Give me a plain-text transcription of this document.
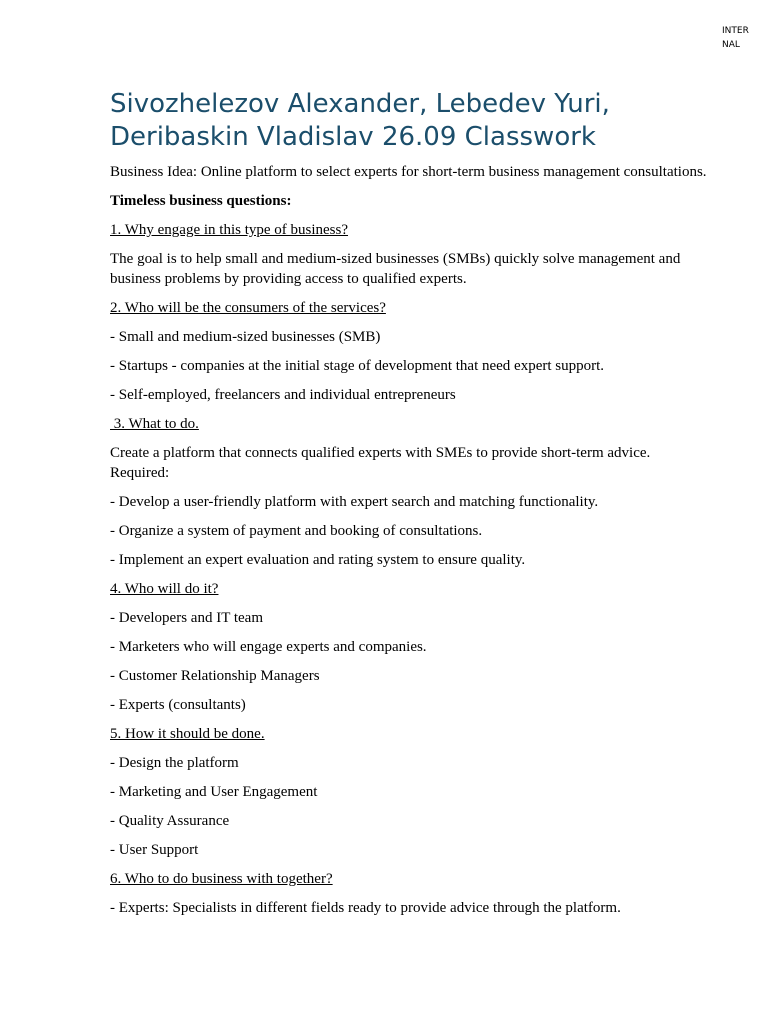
INTERNAL
Sivozhelezov Alexander, Lebedev Yuri, Deribaskin Vladislav 26.09 Classwork

Business Idea: Online platform to select experts for short-term business management consultations.

Timeless business questions:

1. Why engage in this type of business?

The goal is to help small and medium-sized businesses (SMBs) quickly solve management and business problems by providing access to qualified experts.

2. Who will be the consumers of the services?

- Small and medium-sized businesses (SMB)

- Startups - companies at the initial stage of development that need expert support.

- Self-employed, freelancers and individual entrepreneurs

3. What to do.

Create a platform that connects qualified experts with SMEs to provide short-term advice. Required:

- Develop a user-friendly platform with expert search and matching functionality.

- Organize a system of payment and booking of consultations.

- Implement an expert evaluation and rating system to ensure quality.

4. Who will do it?

- Developers and IT team

- Marketers who will engage experts and companies.

- Customer Relationship Managers

- Experts (consultants)

5. How it should be done.

- Design the platform

- Marketing and User Engagement

- Quality Assurance

- User Support

6. Who to do business with together?

- Experts: Specialists in different fields ready to provide advice through the platform.
